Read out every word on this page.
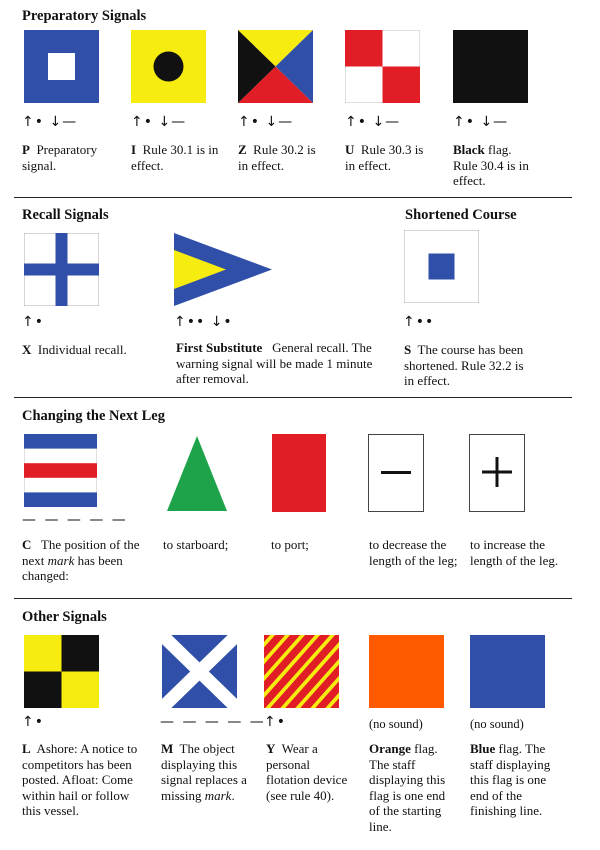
Preparatory Signals
↑• ↓—
P Preparatory signal.
↑• ↓—
I Rule 30.1 is in effect.
↑• ↓—
Z Rule 30.2 is in effect.
↑• ↓—
U Rule 30.3 is in effect.
↑• ↓—
Black flag. Rule 30.4 is in effect.
Recall Signals
↑•
X Individual recall.
↑•• ↓•
First Substitute General recall. The warning signal will be made 1 minute after removal.
Shortened Course
↑••
S The course has been shortened. Rule 32.2 is in effect.
Changing the Next Leg
— — — — —
C The position of the next mark has been changed:
to starboard;	to port;	to decrease the length of the leg;
to increase the length of the leg.
Other Signals
↑•
L Ashore: A notice to competitors has been posted. Afloat: Come within hail or follow this vessel.
— — — — —
M The object displaying this signal replaces a missing mark.
↑•
Y Wear a personal flotation device (see rule 40).
(no sound)
Orange flag. The staff displaying this flag is one end of the starting line.
(no sound)
Blue flag. The staff displaying this flag is one end of the finishing line.
